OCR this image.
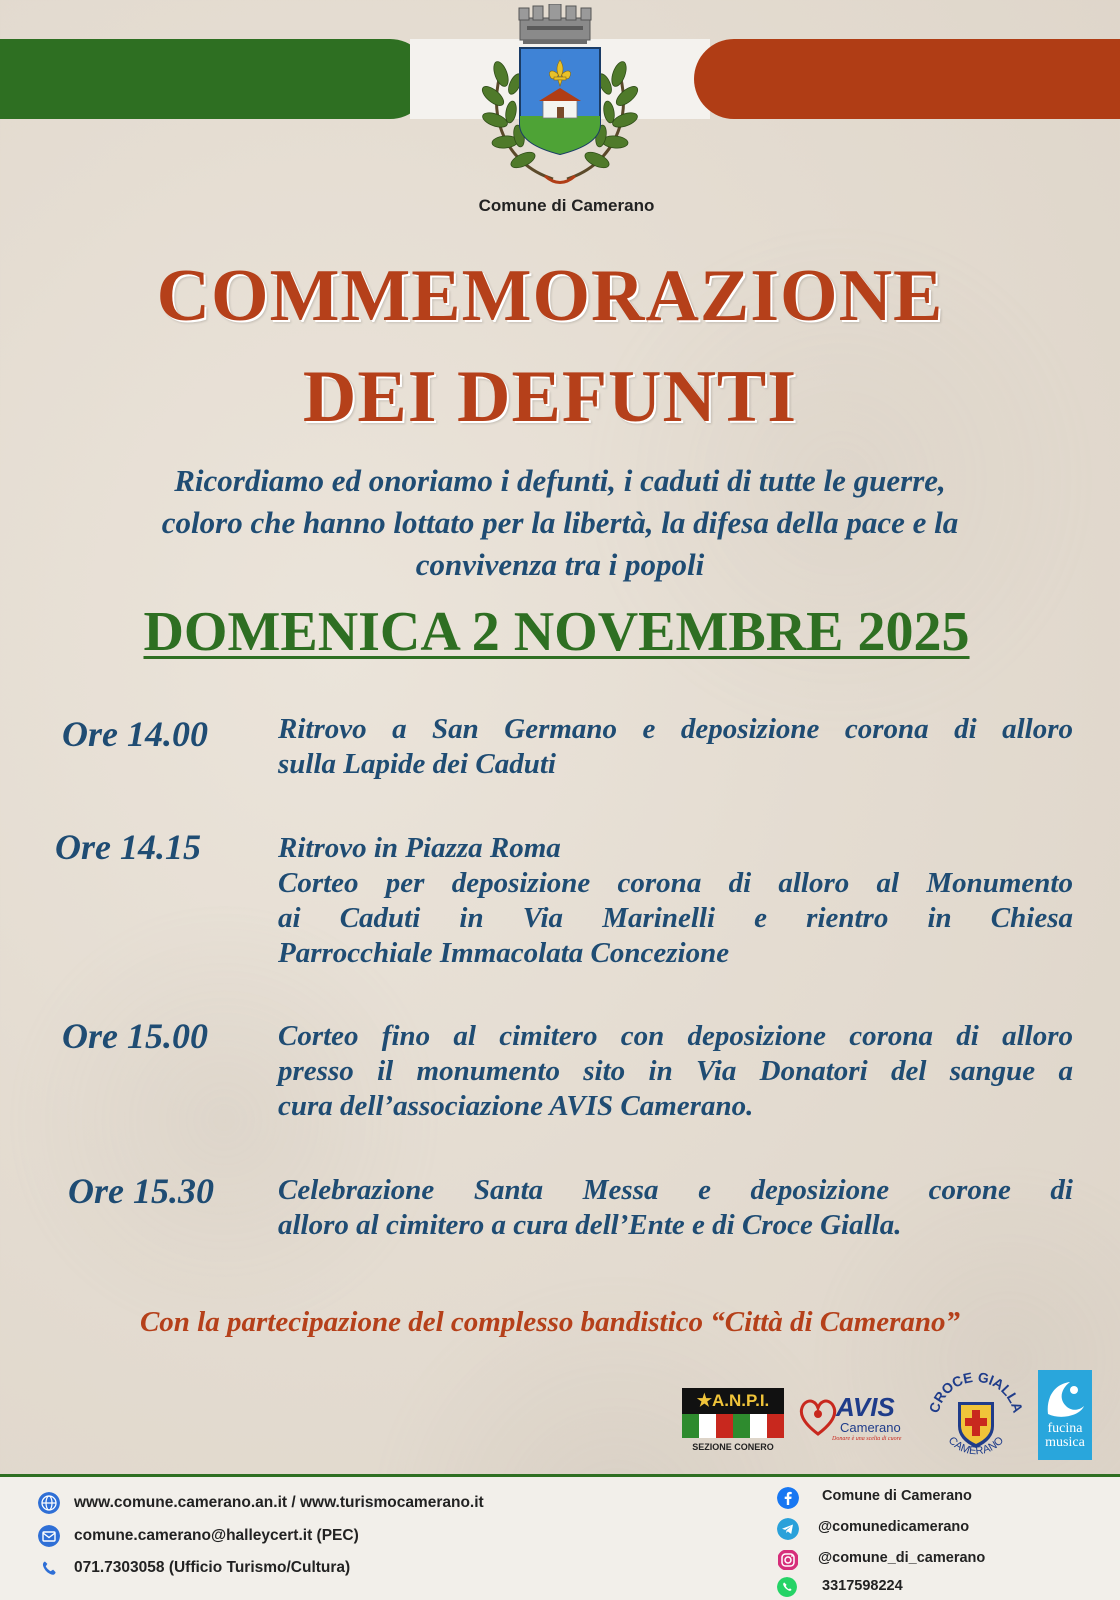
Comune di Camerano
COMMEMORAZIONE
DEI DEFUNTI
Ricordiamo ed onoriamo i defunti, i caduti di tutte le guerre,
coloro che hanno lottato per la libertà, la difesa della pace e la
convivenza tra i popoli
DOMENICA 2 NOVEMBRE 2025
Ore 14.00 Ritrovo a San Germano e deposizione corona di alloro
sulla Lapide dei Caduti
Ore 14.15	Ritrovo in Piazza Roma
Corteo per deposizione corona di alloro al Monumento
ai Caduti in Via Marinelli e rientro in Chiesa
Parrocchiale Immacolata Concezione
Ore 15.00 Corteo fino al cimitero con deposizione corona di alloro
presso il monumento sito in Via Donatori del sangue a
cura dell’associazione AVIS Camerano.
Ore 15.30 Celebrazione Santa Messa e deposizione corone di
alloro al cimitero a cura dell’Ente e di Croce Gialla.
Con la partecipazione del complesso bandistico “Città di Camerano”
★A.N.P.I.
SEZIONE CONERO
AVIS
Camerano
Donare è una scelta di cuore
ROCE GIALL
CAMERANO
fucina
musica
www.comune.camerano.an.it / www.turismocamerano.it
comune.camerano@halleycert.it (PEC)
071.7303058 (Ufficio Turismo/Cultura)
Comune di Camerano
@comunedicamerano
@comune_di_camerano
3317598224
